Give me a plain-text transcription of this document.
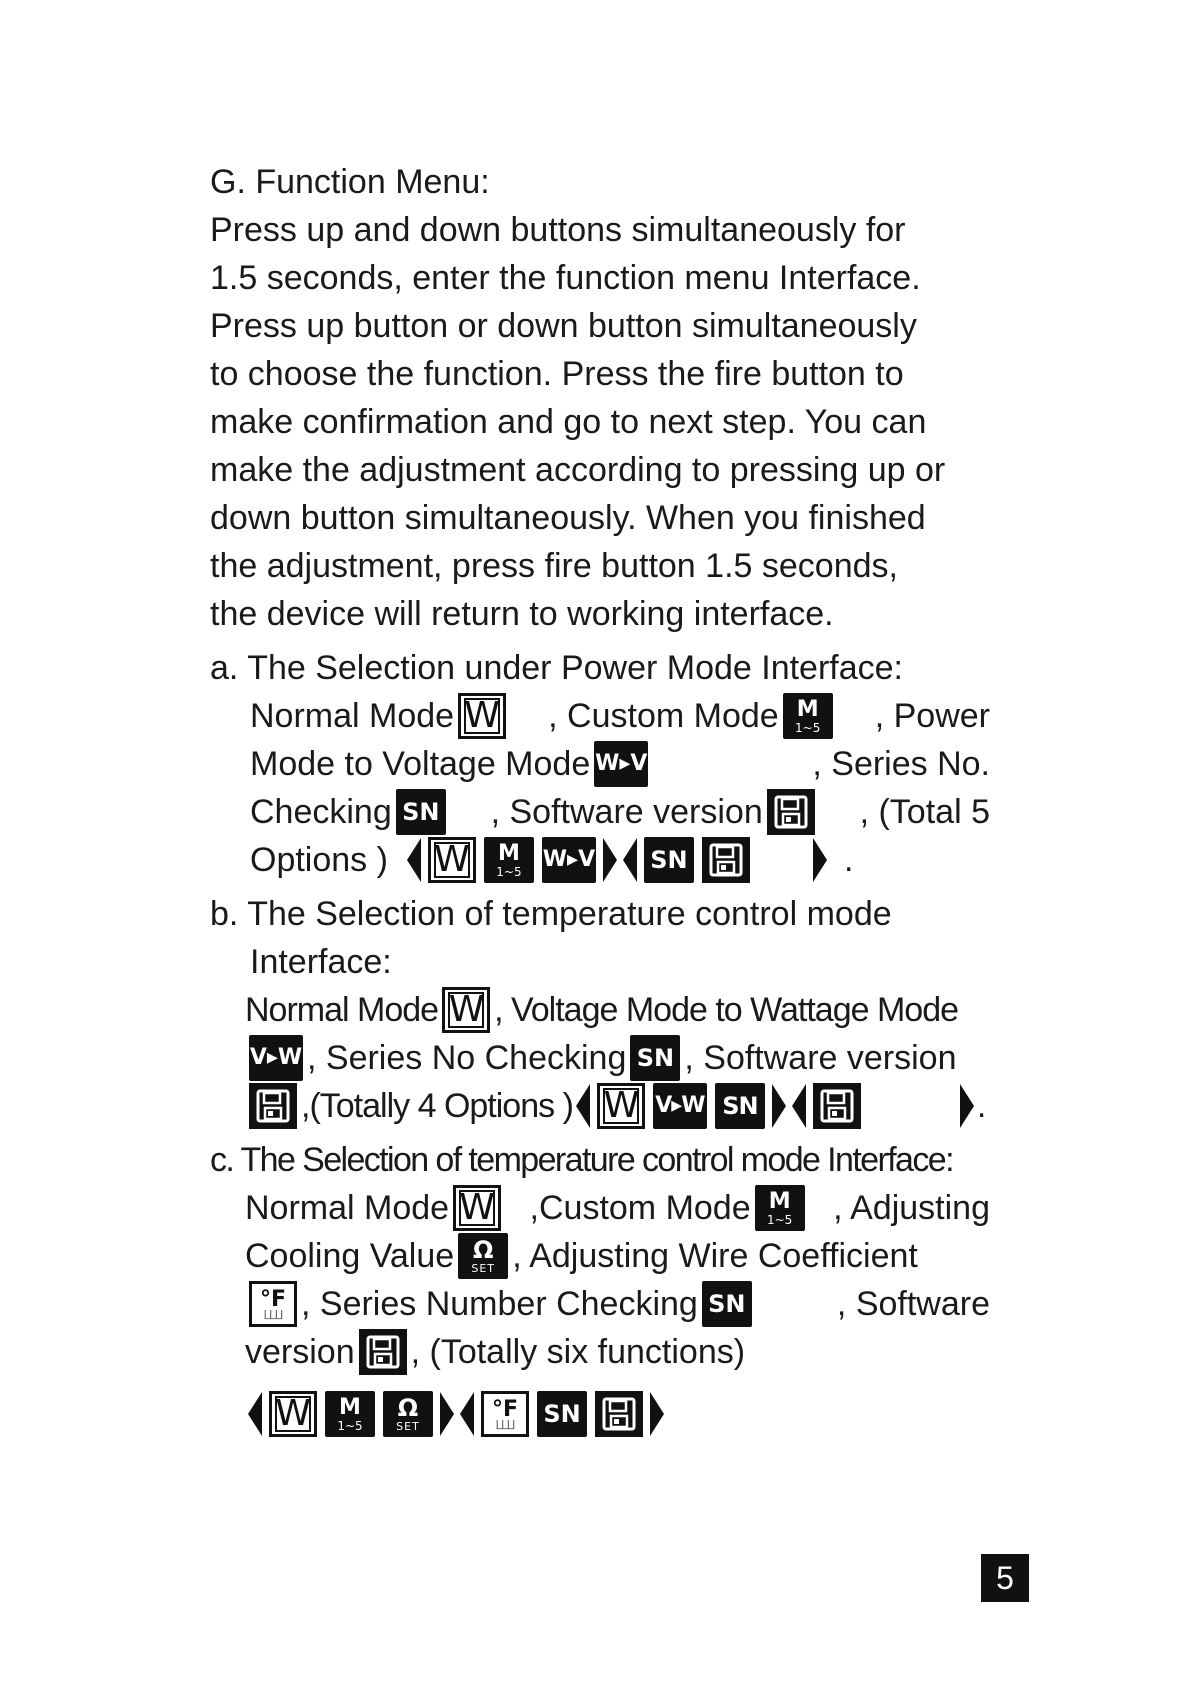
G. Function Menu:
Press up and down buttons simultaneously for
1.5 seconds, enter the function menu Interface.
Press up button or down button simultaneously
to choose the function. Press the fire button to
make confirmation and go to next step. You can
make the adjustment according to pressing up or
down button simultaneously. When you finished
the adjustment, press fire button 1.5 seconds,
the device will return to working interface.
a. The Selection under Power Mode Interface:
Normal Mode W , Custom Mode M
1~5 , Power
Mode to Voltage Mode W▸V	, Series No.
Checking SN , Software version	, (Total 5
Options ) W M
1~5 W▸V SN	.
b. The Selection of temperature control mode
Interface:
Normal Mode W , Voltage Mode to Wattage Mode
V▸W , Series No Checking SN , Software version
,(Totally 4 Options ) W V▸W SN	.
c. The Selection of temperature control mode Interface:
Normal Mode W ,Custom Mode M
1~5 , Adjusting
Cooling Value Ω
SET , Adjusting Wire Coefficient
°F
|_|_|_| , Series Number Checking SN	, Software
version , (Totally six functions)
W M
1~5
Ω
SET
°F
|_|_|_| SN
5
